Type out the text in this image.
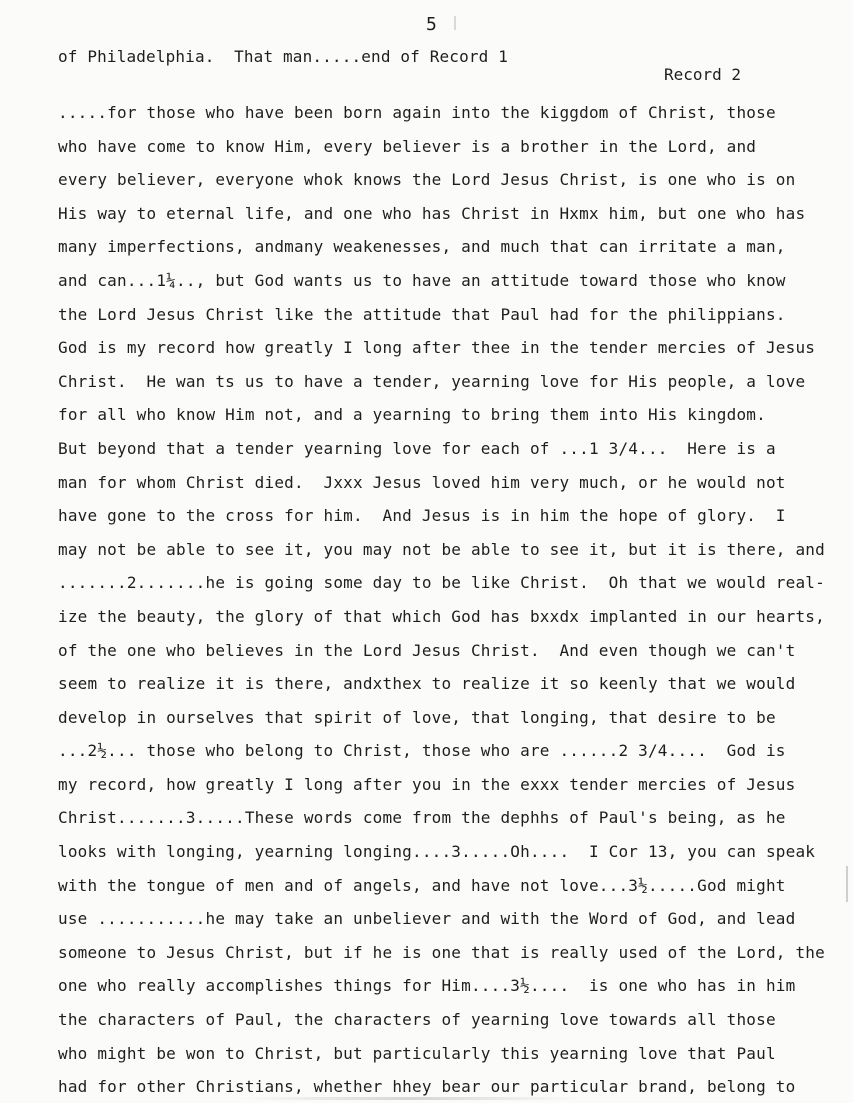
5
of Philadelphia.  That man.....end of Record 1
Record 2
.....for those who have been born again into the kiggdom of Christ, those
who have come to know Him, every believer is a brother in the Lord, and
every believer, everyone whok knows the Lord Jesus Christ, is one who is on
His way to eternal life, and one who has Christ in Hxmx him, but one who has
many imperfections, andmany weakenesses, and much that can irritate a man,
and can...1¼.., but God wants us to have an attitude toward those who know
the Lord Jesus Christ like the attitude that Paul had for the philippians.
God is my record how greatly I long after thee in the tender mercies of Jesus
Christ.  He wan ts us to have a tender, yearning love for His people, a love
for all who know Him not, and a yearning to bring them into His kingdom.
But beyond that a tender yearning love for each of ...1 3/4...  Here is a
man for whom Christ died.  Jxxx Jesus loved him very much, or he would not
have gone to the cross for him.  And Jesus is in him the hope of glory.  I
may not be able to see it, you may not be able to see it, but it is there, and
.......2.......he is going some day to be like Christ.  Oh that we would real-
ize the beauty, the glory of that which God has bxxdx implanted in our hearts,
of the one who believes in the Lord Jesus Christ.  And even though we can't
seem to realize it is there, andxthex to realize it so keenly that we would
develop in ourselves that spirit of love, that longing, that desire to be
...2½... those who belong to Christ, those who are ......2 3/4....  God is
my record, how greatly I long after you in the exxx tender mercies of Jesus
Christ.......3.....These words come from the dephhs of Paul's being, as he
looks with longing, yearning longing....3.....Oh....  I Cor 13, you can speak
with the tongue of men and of angels, and have not love...3½.....God might
use ...........he may take an unbeliever and with the Word of God, and lead
someone to Jesus Christ, but if he is one that is really used of the Lord, the
one who really accomplishes things for Him....3½....  is one who has in him
the characters of Paul, the characters of yearning love towards all those
who might be won to Christ, but particularly this yearning love that Paul
had for other Christians, whether hhey bear our particular brand, belong to
